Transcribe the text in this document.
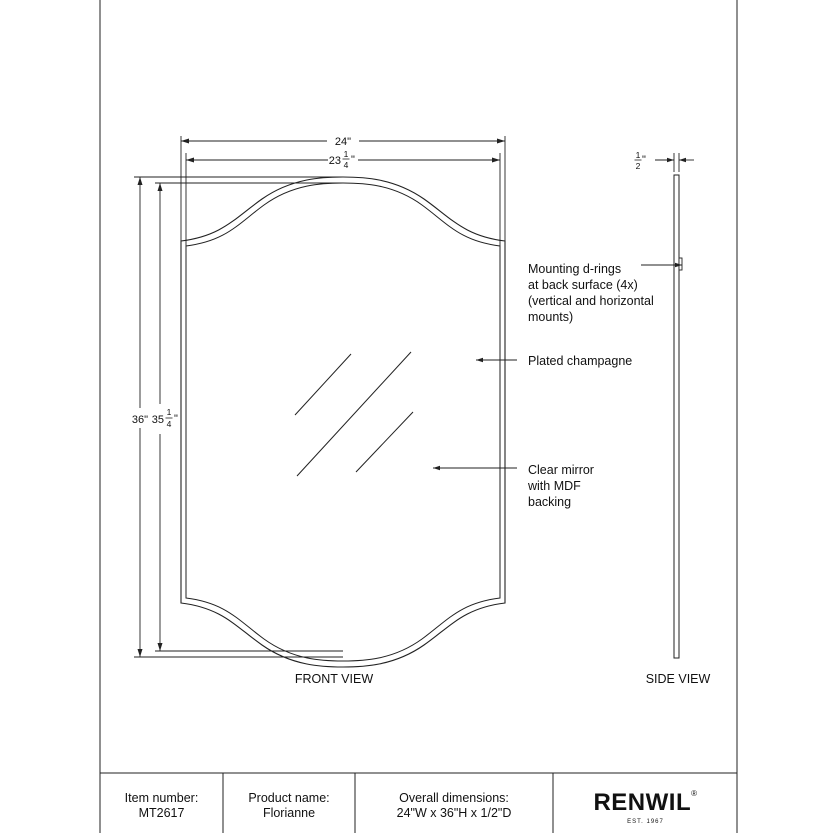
24"
23
1
4 "
36" 35
1
4 "
1
2 "
Mounting d-rings
at back surface (4x)
(vertical and horizontal
mounts)
Plated champagne
Clear mirror
with MDF
backing
FRONT VIEW	SIDE VIEW
Item number:
MT2617
Product name:
Florianne
Overall dimensions:
24"W x 36"H x 1/2"D	RENWIL®
EST. 1967
